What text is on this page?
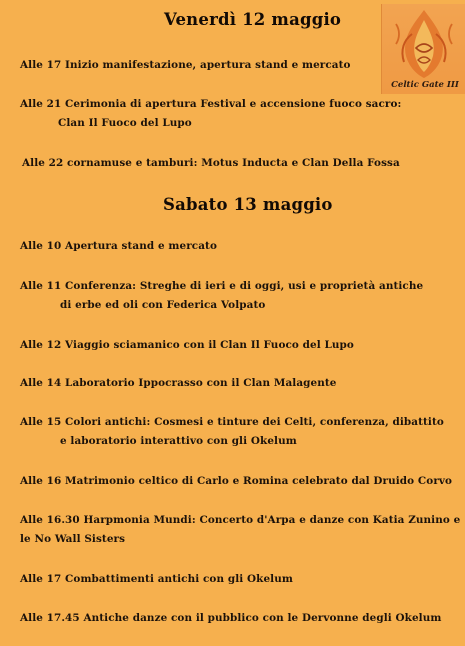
Celtic Gate III
Venerdì 12 maggio
Alle 17 Inizio manifestazione, apertura stand e mercato
Alle 21 Cerimonia di apertura Festival e accensione fuoco sacro:
Clan Il Fuoco del Lupo
Alle 22 cornamuse e tamburi: Motus Inducta e Clan Della Fossa
Sabato 13 maggio
Alle 10 Apertura stand e mercato
Alle 11 Conferenza: Streghe di ieri e di oggi, usi e proprietà antiche
di erbe ed oli con Federica Volpato
Alle 12 Viaggio sciamanico con il Clan Il Fuoco del Lupo
Alle 14 Laboratorio Ippocrasso con il Clan Malagente
Alle 15 Colori antichi: Cosmesi e tinture dei Celti, conferenza, dibattito
e laboratorio interattivo con gli Okelum
Alle 16 Matrimonio celtico di Carlo e Romina celebrato dal Druido Corvo
Alle 16.30 Harpmonia Mundi: Concerto d'Arpa e danze con Katia Zunino e
le No Wall Sisters
Alle 17 Combattimenti antichi con gli Okelum
Alle 17.45 Antiche danze con il pubblico con le Dervonne degli Okelum
